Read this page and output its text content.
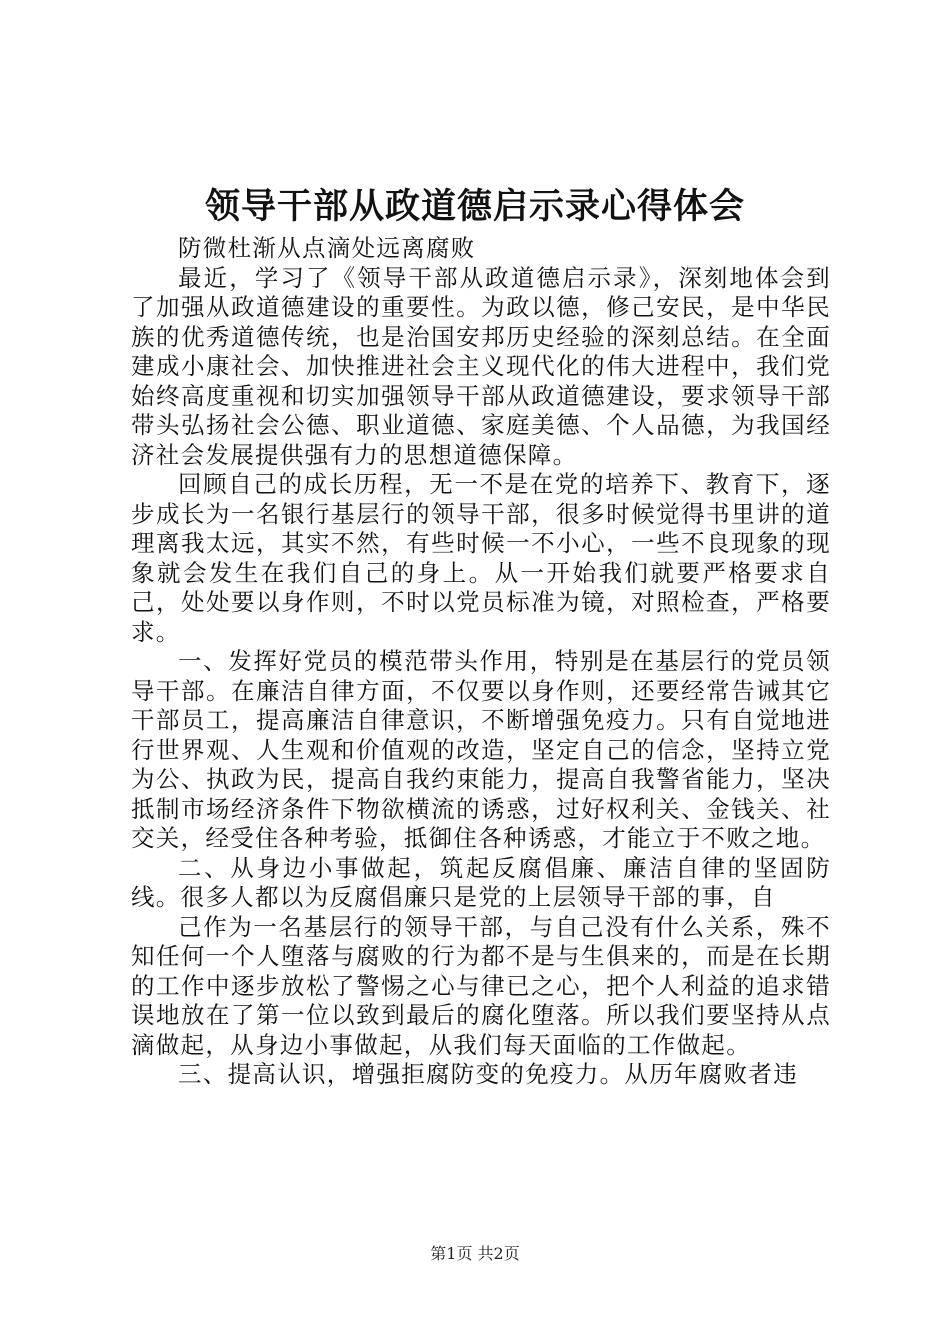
领导干部从政道德启示录心得体会

防微杜渐从点滴处远离腐败

最近，学习了《领导干部从政道德启示录》，深刻地体会到了加强从政道德建设的重要性。为政以德，修己安民，是中华民族的优秀道德传统，也是治国安邦历史经验的深刻总结。在全面建成小康社会、加快推进社会主义现代化的伟大进程中，我们党始终高度重视和切实加强领导干部从政道德建设，要求领导干部带头弘扬社会公德、职业道德、家庭美德、个人品德，为我国经济社会发展提供强有力的思想道德保障。

回顾自己的成长历程，无一不是在党的培养下、教育下，逐步成长为一名银行基层行的领导干部，很多时候觉得书里讲的道理离我太远，其实不然，有些时候一不小心，一些不良现象的现象就会发生在我们自己的身上。从一开始我们就要严格要求自己，处处要以身作则，不时以党员标准为镜，对照检查，严格要求。

一、发挥好党员的模范带头作用，特别是在基层行的党员领导干部。在廉洁自律方面，不仅要以身作则，还要经常告诫其它干部员工，提高廉洁自律意识，不断增强免疫力。只有自觉地进行世界观、人生观和价值观的改造，坚定自己的信念，坚持立党为公、执政为民，提高自我约束能力，提高自我警省能力，坚决抵制市场经济条件下物欲横流的诱惑，过好权利关、金钱关、社交关，经受住各种考验，抵御住各种诱惑，才能立于不败之地。

二、从身边小事做起，筑起反腐倡廉、廉洁自律的坚固防线。很多人都以为反腐倡廉只是党的上层领导干部的事，自

己作为一名基层行的领导干部，与自己没有什么关系，殊不知任何一个人堕落与腐败的行为都不是与生俱来的，而是在长期的工作中逐步放松了警惕之心与律已之心，把个人利益的追求错误地放在了第一位以致到最后的腐化堕落。所以我们要坚持从点滴做起，从身边小事做起，从我们每天面临的工作做起。

三、提高认识，增强拒腐防变的免疫力。从历年腐败者违

第1页 共2页
